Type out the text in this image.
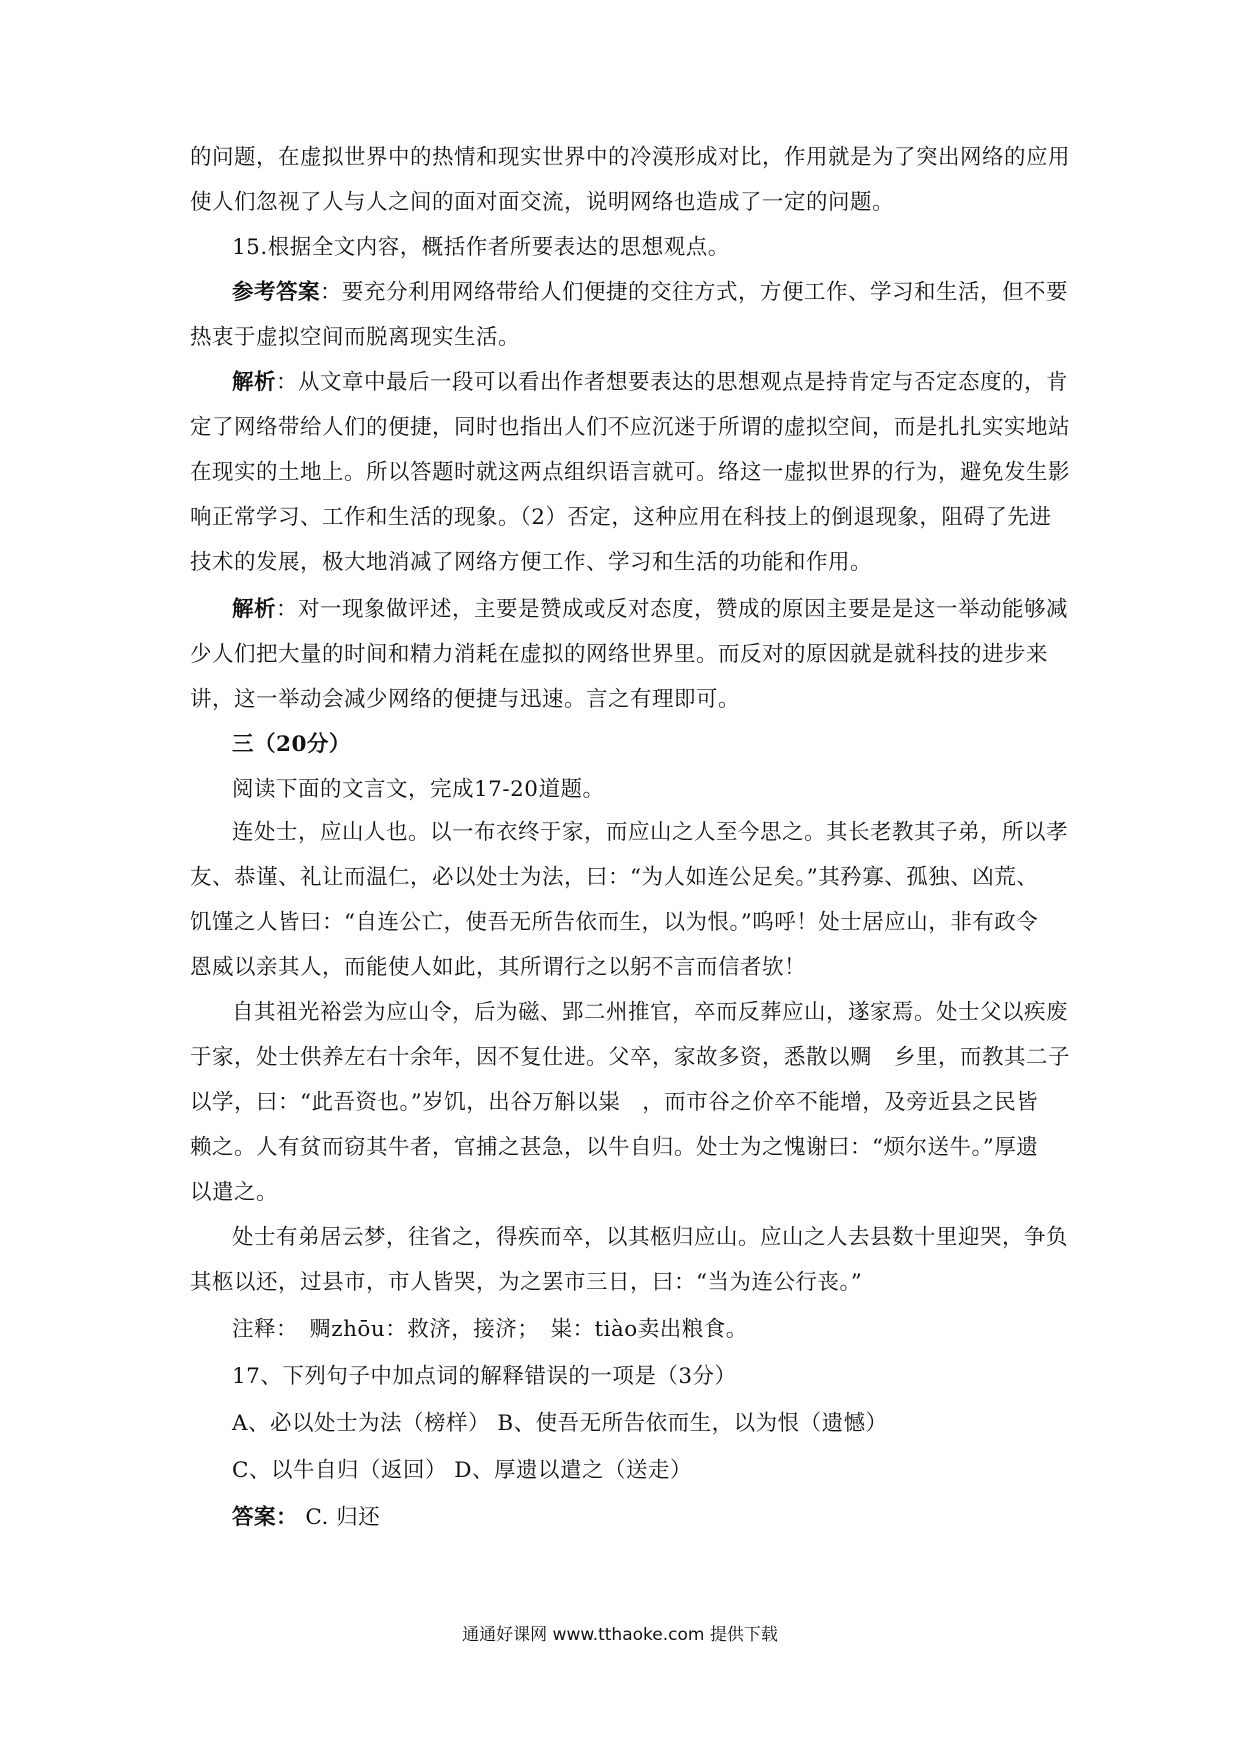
的问题，在虚拟世界中的热情和现实世界中的冷漠形成对比，作用就是为了突出网络的应用
使人们忽视了人与人之间的面对面交流，说明网络也造成了一定的问题。
15.根据全文内容，概括作者所要表达的思想观点。
参考答案：要充分利用网络带给人们便捷的交往方式，方便工作、学习和生活，但不要
热衷于虚拟空间而脱离现实生活。
解析：从文章中最后一段可以看出作者想要表达的思想观点是持肯定与否定态度的，肯
定了网络带给人们的便捷，同时也指出人们不应沉迷于所谓的虚拟空间，而是扎扎实实地站
在现实的土地上。所以答题时就这两点组织语言就可。络这一虚拟世界的行为，避免发生影
响正常学习、工作和生活的现象。（2）否定，这种应用在科技上的倒退现象，阻碍了先进
技术的发展，极大地消减了网络方便工作、学习和生活的功能和作用。
解析：对一现象做评述，主要是赞成或反对态度，赞成的原因主要是是这一举动能够减
少人们把大量的时间和精力消耗在虚拟的网络世界里。而反对的原因就是就科技的进步来
讲，这一举动会减少网络的便捷与迅速。言之有理即可。
三（20分）
阅读下面的文言文，完成17-20道题。
连处士，应山人也。以一布衣终于家，而应山之人至今思之。其长老教其子弟，所以孝
友、恭谨、礼让而温仁，必以处士为法，曰：“为人如连公足矣。”其矜寡、孤独、凶荒、
饥馑之人皆曰：“自连公亡，使吾无所告依而生，以为恨。”呜呼！处士居应山，非有政令
恩威以亲其人，而能使人如此，其所谓行之以躬不言而信者欤！
自其祖光裕尝为应山令，后为磁、郢二州推官，卒而反葬应山，遂家焉。处士父以疾废
于家，处士供养左右十余年，因不复仕进。父卒，家故多资，悉散以赒　乡里，而教其二子
以学，曰：“此吾资也。”岁饥，出谷万斛以粜　，而市谷之价卒不能增，及旁近县之民皆
赖之。人有贫而窃其牛者，官捕之甚急，以牛自归。处士为之愧谢曰：“烦尔送牛。”厚遗
以遣之。
处士有弟居云梦，往省之，得疾而卒，以其柩归应山。应山之人去县数十里迎哭，争负
其柩以还，过县市，市人皆哭，为之罢市三日，曰：“当为连公行丧。”
注释：　赒zhōu：救济，接济；　粜：tiào卖出粮食。
17、下列句子中加点词的解释错误的一项是（3分）
A、必以处士为法（榜样） B、使吾无所告依而生，以为恨（遗憾）
C、以牛自归（返回） D、厚遗以遣之（送走）
答案： C. 归还
通通好课网 www.tthaoke.com 提供下载
